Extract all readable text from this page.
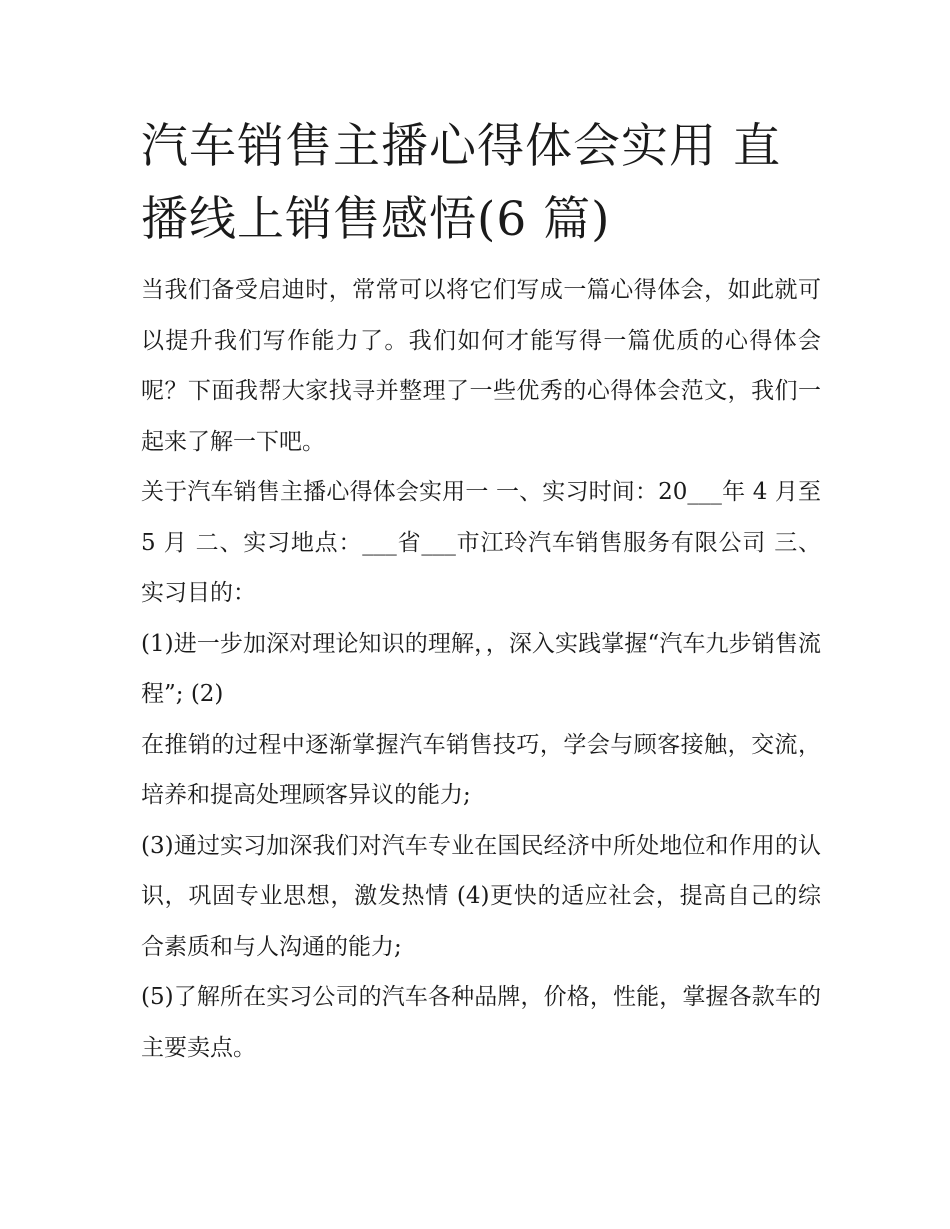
汽车销售主播心得体会实用 直播线上销售感悟(6 篇)

当我们备受启迪时，常常可以将它们写成一篇心得体会，如此就可以提升我们写作能力了。我们如何才能写得一篇优质的心得体会呢？下面我帮大家找寻并整理了一些优秀的心得体会范文，我们一起来了解一下吧。

关于汽车销售主播心得体会实用一 一、实习时间：20___年 4 月至 5 月 二、实习地点：___省___市江玲汽车销售服务有限公司 三、实习目的：

(1)进一步加深对理论知识的理解，，深入实践掌握“汽车九步销售流程”; (2)

在推销的过程中逐渐掌握汽车销售技巧，学会与顾客接触，交流，培养和提高处理顾客异议的能力;

(3)通过实习加深我们对汽车专业在国民经济中所处地位和作用的认识，巩固专业思想，激发热情 (4)更快的适应社会，提高自己的综合素质和与人沟通的能力;

(5)了解所在实习公司的汽车各种品牌，价格，性能，掌握各款车的主要卖点。
